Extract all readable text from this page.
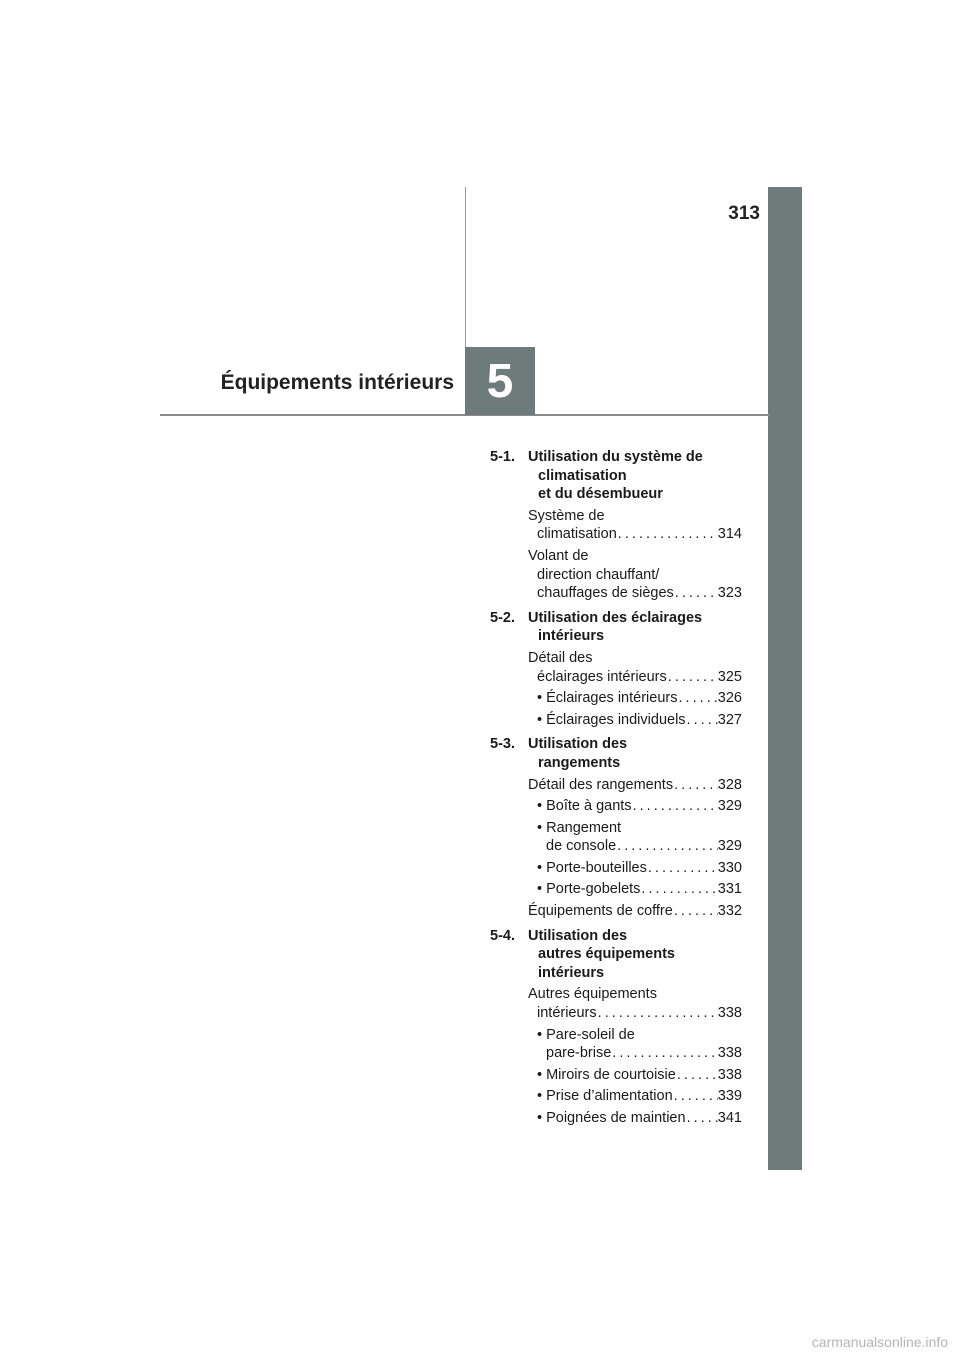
313
5
Équipements intérieurs
5-1. Utilisation du système de
climatisation
et du désembueur
Système de
climatisation . . .	314
Volant de
direction chauffant/
chauffages de sièges . . .	323
5-2. Utilisation des éclairages
intérieurs
Détail des
éclairages intérieurs . . .	325
• Éclairages intérieurs . . .	326
• Éclairages individuels . . . 327
5-3. Utilisation des
rangements
Détail des rangements . . .	328
• Boîte à gants . . .	329
• Rangement
de console . . .	329
• Porte-bouteilles . . .	330
• Porte-gobelets . . .	331
Équipements de coffre . . .	332
5-4. Utilisation des
autres équipements
intérieurs
Autres équipements
intérieurs . . .	338
• Pare-soleil de
pare-brise . . .	338
• Miroirs de courtoisie . . .	338
• Prise d’alimentation . . .	339
• Poignées de maintien . . . 341
carmanualsonline.info
